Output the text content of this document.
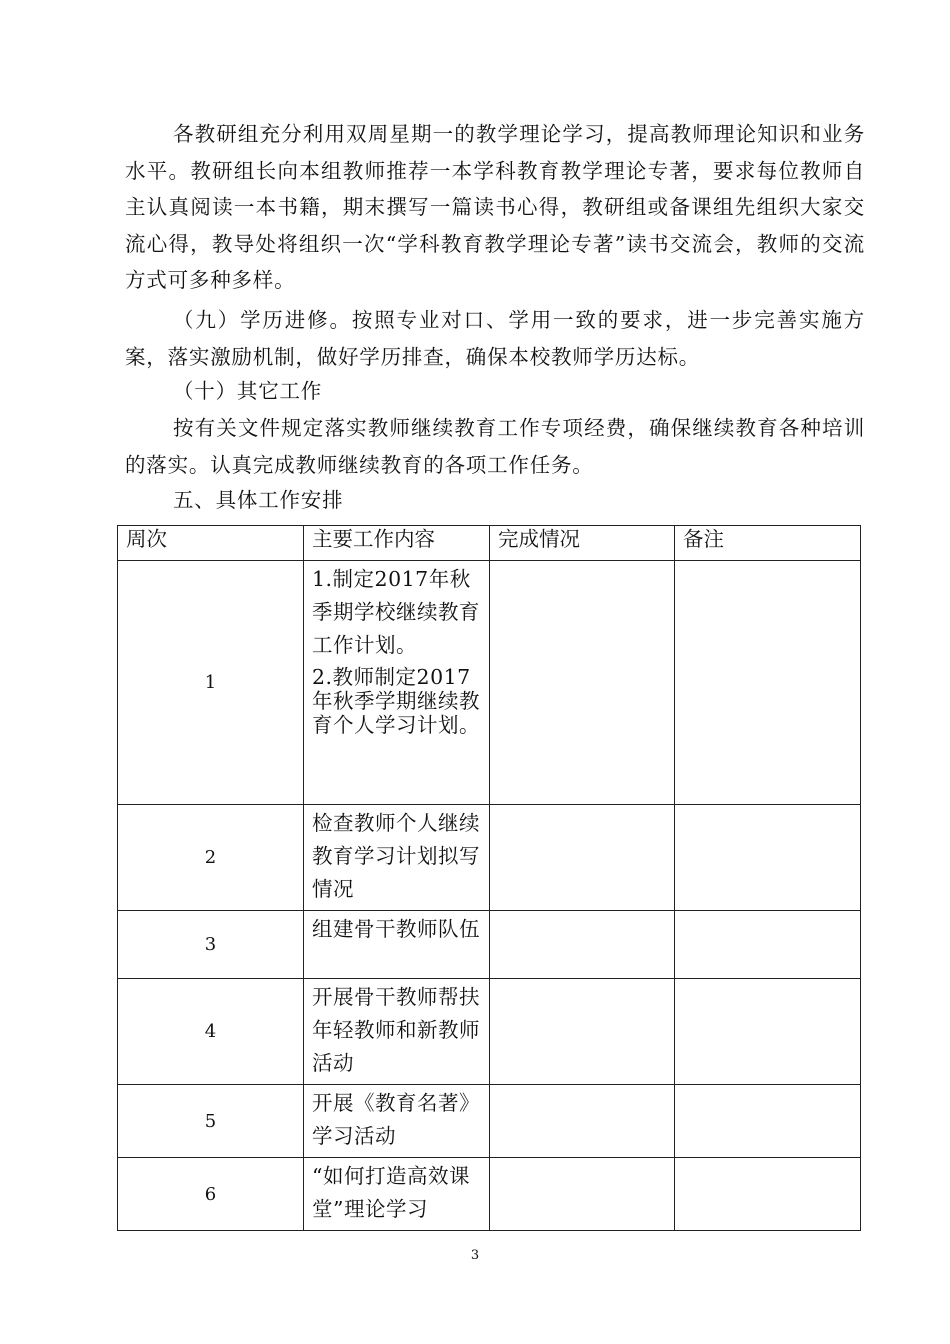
各教研组充分利用双周星期一的教学理论学习，提高教师理论知识和业务水平。教研组长向本组教师推荐一本学科教育教学理论专著，要求每位教师自主认真阅读一本书籍，期末撰写一篇读书心得，教研组或备课组先组织大家交流心得，教导处将组织一次“学科教育教学理论专著”读书交流会，教师的交流方式可多种多样。

（九）学历进修。按照专业对口、学用一致的要求，进一步完善实施方案，落实激励机制，做好学历排查，确保本校教师学历达标。

（十）其它工作

按有关文件规定落实教师继续教育工作专项经费，确保继续教育各种培训的落实。认真完成教师继续教育的各项工作任务。

五、具体工作安排

周次	主要工作内容	完成情况	备注
1	1.制定2017年秋季期学校继续教育工作计划。
2.教师制定2017年秋季学期继续教育个人学习计划。		

2	检查教师个人继续教育学习计划拟写情况		
3	组建骨干教师队伍		
4	开展骨干教师帮扶年轻教师和新教师活动		
5	开展《教育名著》学习活动		
6	“如何打造高效课堂”理论学习		
3
